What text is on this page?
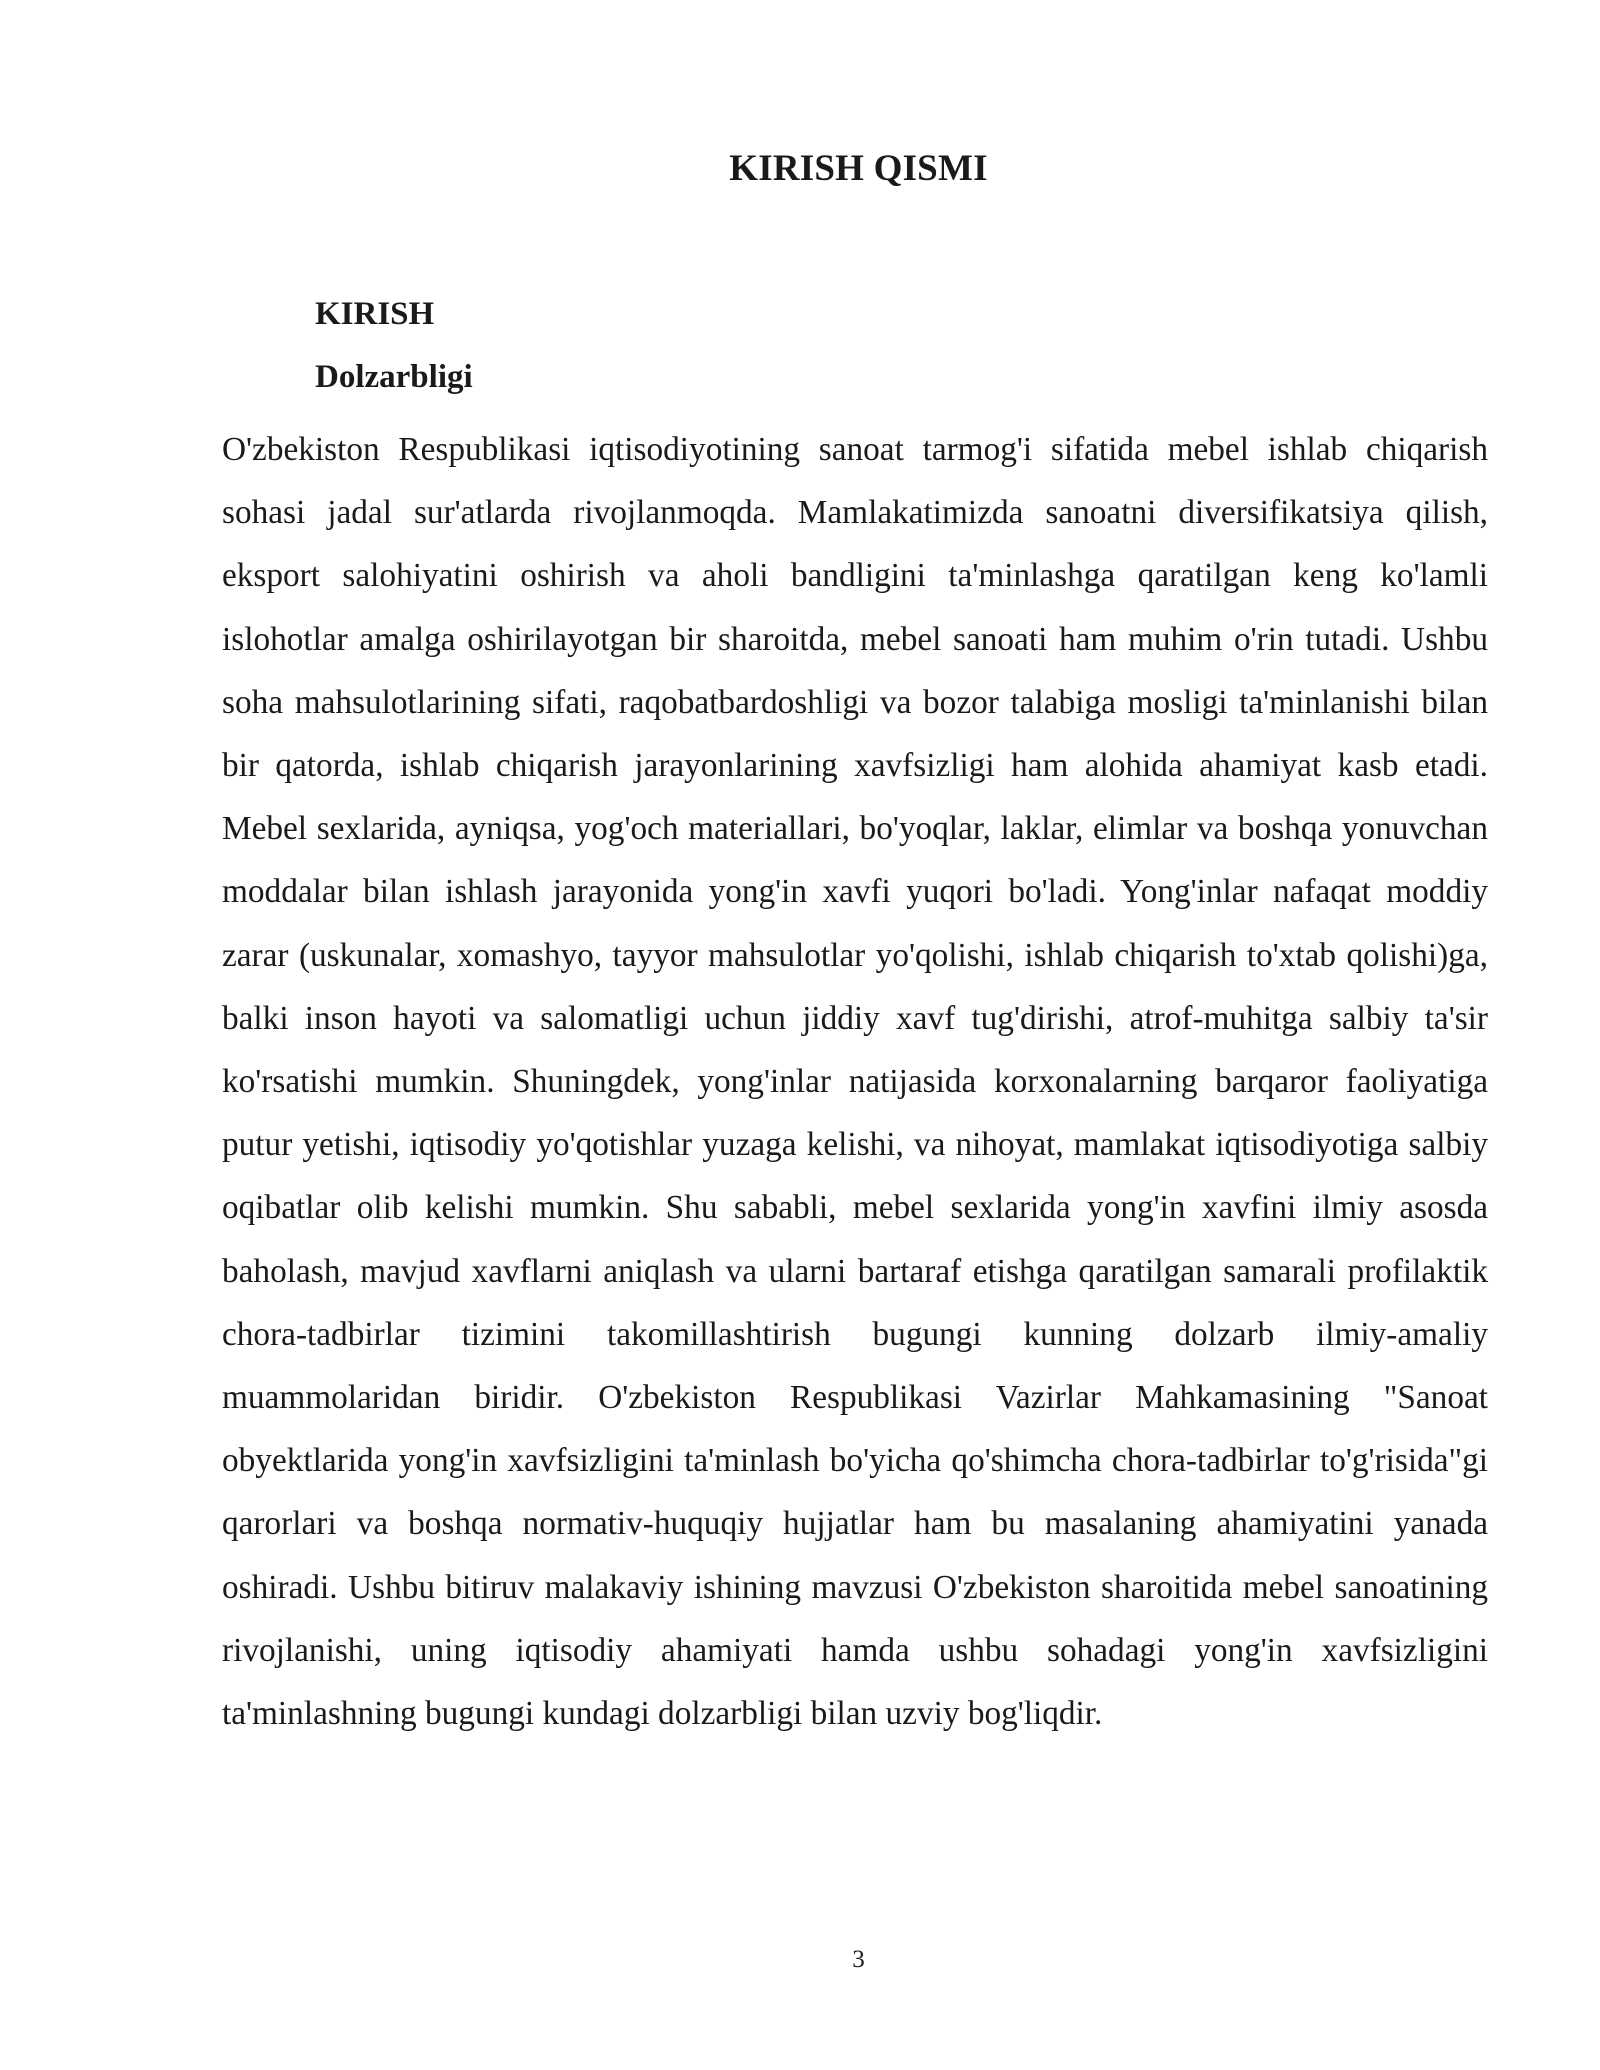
KIRISH QISMI
KIRISH
Dolzarbligi

O'zbekiston Respublikasi iqtisodiyotining sanoat tarmog'i sifatida mebel ishlab chiqarish sohasi jadal sur'atlarda rivojlanmoqda. Mamlakatimizda sanoatni diversifikatsiya qilish, eksport salohiyatini oshirish va aholi bandligini ta'minlashga qaratilgan keng ko'lamli islohotlar amalga oshirilayotgan bir sharoitda, mebel sanoati ham muhim o'rin tutadi. Ushbu soha mahsulotlarining sifati, raqobatbardoshligi va bozor talabiga mosligi ta'minlanishi bilan bir qatorda, ishlab chiqarish jarayonlarining xavfsizligi ham alohida ahamiyat kasb etadi. Mebel sexlarida, ayniqsa, yog'och materiallari, bo'yoqlar, laklar, elimlar va boshqa yonuvchan moddalar bilan ishlash jarayonida yong'in xavfi yuqori bo'ladi. Yong'inlar nafaqat moddiy zarar (uskunalar, xomashyo, tayyor mahsulotlar yo'qolishi, ishlab chiqarish to'xtab qolishi)ga, balki inson hayoti va salomatligi uchun jiddiy xavf tug'dirishi, atrof-muhitga salbiy ta'sir ko'rsatishi mumkin. Shuningdek, yong'inlar natijasida korxonalarning barqaror faoliyatiga putur yetishi, iqtisodiy yo'qotishlar yuzaga kelishi, va nihoyat, mamlakat iqtisodiyotiga salbiy oqibatlar olib kelishi mumkin. Shu sababli, mebel sexlarida yong'in xavfini ilmiy asosda baholash, mavjud xavflarni aniqlash va ularni bartaraf etishga qaratilgan samarali profilaktik chora-tadbirlar tizimini takomillashtirish bugungi kunning dolzarb ilmiy-amaliy muammolaridan biridir. O'zbekiston Respublikasi Vazirlar Mahkamasining "Sanoat obyektlarida yong'in xavfsizligini ta'minlash bo'yicha qo'shimcha chora-tadbirlar to'g'risida"gi qarorlari va boshqa normativ-huquqiy hujjatlar ham bu masalaning ahamiyatini yanada oshiradi. Ushbu bitiruv malakaviy ishining mavzusi O'zbekiston sharoitida mebel sanoatining rivojlanishi, uning iqtisodiy ahamiyati hamda ushbu sohadagi yong'in xavfsizligini ta'minlashning bugungi kundagi dolzarbligi bilan uzviy bog'liqdir.

3
